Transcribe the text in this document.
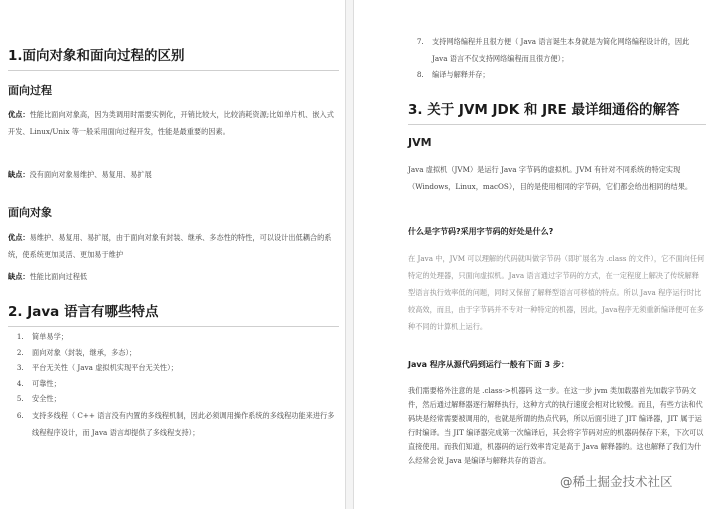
1.面向对象和面向过程的区别
面向过程

优点：性能比面向对象高，因为类调用时需要实例化，开销比较大，比较消耗资源;比如单片机、嵌入式开发、Linux/Unix 等一般采用面向过程开发，性能是最重要的因素。

缺点：没有面向对象易维护、易复用、易扩展

面向对象

优点：易维护、易复用、易扩展，由于面向对象有封装、继承、多态性的特性，可以设计出低耦合的系统，使系统更加灵活、更加易于维护

缺点：性能比面向过程低

2. Java 语言有哪些特点
1. 简单易学；
2. 面向对象（封装，继承，多态）；
3. 平台无关性（ Java 虚拟机实现平台无关性）；
4. 可靠性；
5. 安全性；
6. 支持多线程（ C++ 语言没有内置的多线程机制，因此必须调用操作系统的多线程功能来进行多线程程序设计，而 Java 语言却提供了多线程支持）；
7. 支持网络编程并且很方便（ Java 语言诞生本身就是为简化网络编程设计的，因此 Java 语言不仅支持网络编程而且很方便）；
8. 编译与解释并存；
3. 关于 JVM JDK 和 JRE 最详细通俗的解答
JVM

Java 虚拟机（JVM）是运行 Java 字节码的虚拟机。JVM 有针对不同系统的特定实现（Windows，Linux，macOS），目的是使用相同的字节码，它们都会给出相同的结果。

什么是字节码?采用字节码的好处是什么?

在 Java 中，JVM 可以理解的代码就叫做字节码（即扩展名为 .class 的文件），它不面向任何特定的处理器，只面向虚拟机。Java 语言通过字节码的方式，在一定程度上解决了传统解释型语言执行效率低的问题，同时又保留了解释型语言可移植的特点。所以 Java 程序运行时比较高效，而且，由于字节码并不专对一种特定的机器，因此，Java程序无须重新编译便可在多种不同的计算机上运行。

Java 程序从源代码到运行一般有下面 3 步：

我们需要格外注意的是 .class->机器码 这一步。在这一步 jvm 类加载器首先加载字节码文件，然后通过解释器逐行解释执行，这种方式的执行速度会相对比较慢。而且，有些方法和代码块是经常需要被调用的，也就是所谓的热点代码，所以后面引进了 JIT 编译器，JIT 属于运行时编译。当 JIT 编译器完成第一次编译后，其会将字节码对应的机器码保存下来，下次可以直接使用。而我们知道，机器码的运行效率肯定是高于 Java 解释器的。这也解释了我们为什么经常会说 Java 是编译与解释共存的语言。

@稀土掘金技术社区
